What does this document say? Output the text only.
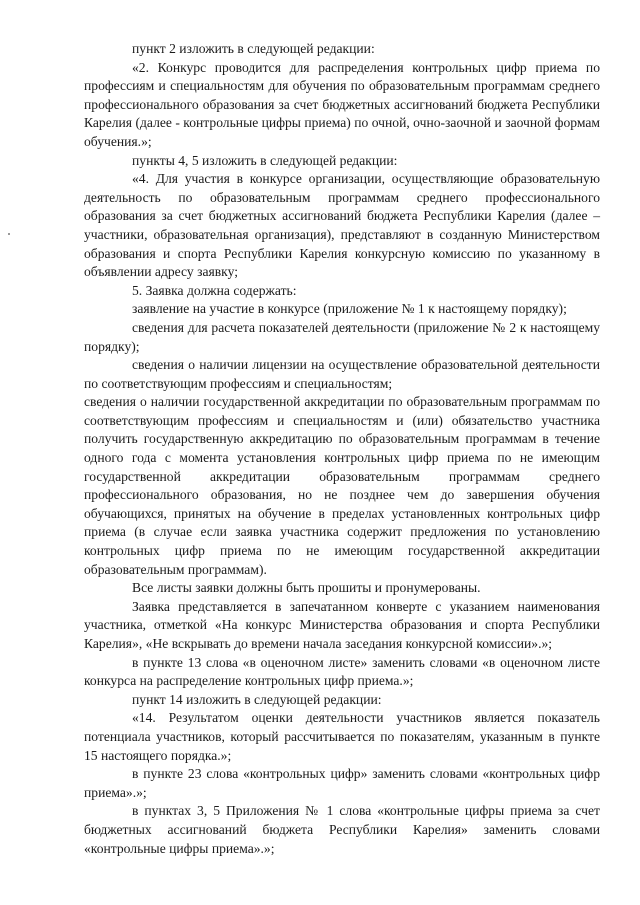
пункт 2 изложить в следующей редакции:

«2. Конкурс проводится для распределения контрольных цифр приема по профессиям и специальностям для обучения по образовательным программам среднего профессионального образования за счет бюджетных ассигнований бюджета Республики Карелия (далее - контрольные цифры приема) по очной, очно-заочной и заочной формам обучения.»;

пункты 4, 5 изложить в следующей редакции:

«4. Для участия в конкурсе организации, осуществляющие образовательную деятельность по образовательным программам среднего профессионального образования за счет бюджетных ассигнований бюджета Республики Карелия (далее – участники, образовательная организация), представляют в созданную Министерством образования и спорта Республики Карелия конкурсную комиссию по указанному в объявлении адресу заявку;

5. Заявка должна содержать:

заявление на участие в конкурсе (приложение № 1 к настоящему порядку);

сведения для расчета показателей деятельности (приложение № 2 к настоящему порядку);

сведения о наличии лицензии на осуществление образовательной деятельности по соответствующим профессиям и специальностям;

сведения о наличии государственной аккредитации по образовательным программам по соответствующим профессиям и специальностям и (или) обязательство участника получить государственную аккредитацию по образовательным программам в течение одного года с момента установления контрольных цифр приема по не имеющим государственной аккредитации образовательным программам среднего профессионального образования, но не позднее чем до завершения обучения обучающихся, принятых на обучение в пределах установленных контрольных цифр приема (в случае если заявка участника содержит предложения по установлению контрольных цифр приема по не имеющим государственной аккредитации образовательным программам).

Все листы заявки должны быть прошиты и пронумерованы.

Заявка представляется в запечатанном конверте с указанием наименования участника, отметкой «На конкурс Министерства образования и спорта Республики Карелия», «Не вскрывать до времени начала заседания конкурсной комиссии».»;

в пункте 13 слова «в оценочном листе» заменить словами «в оценочном листе конкурса на распределение контрольных цифр приема.»;

пункт 14 изложить в следующей редакции:

«14. Результатом оценки деятельности участников является показатель потенциала участников, который рассчитывается по показателям, указанным в пункте 15 настоящего порядка.»;

в пункте 23 слова «контрольных цифр» заменить словами «контрольных цифр приема».»;

в пунктах 3, 5 Приложения № 1 слова «контрольные цифры приема за счет бюджетных ассигнований бюджета Республики Карелия» заменить словами «контрольные цифры приема».»;
